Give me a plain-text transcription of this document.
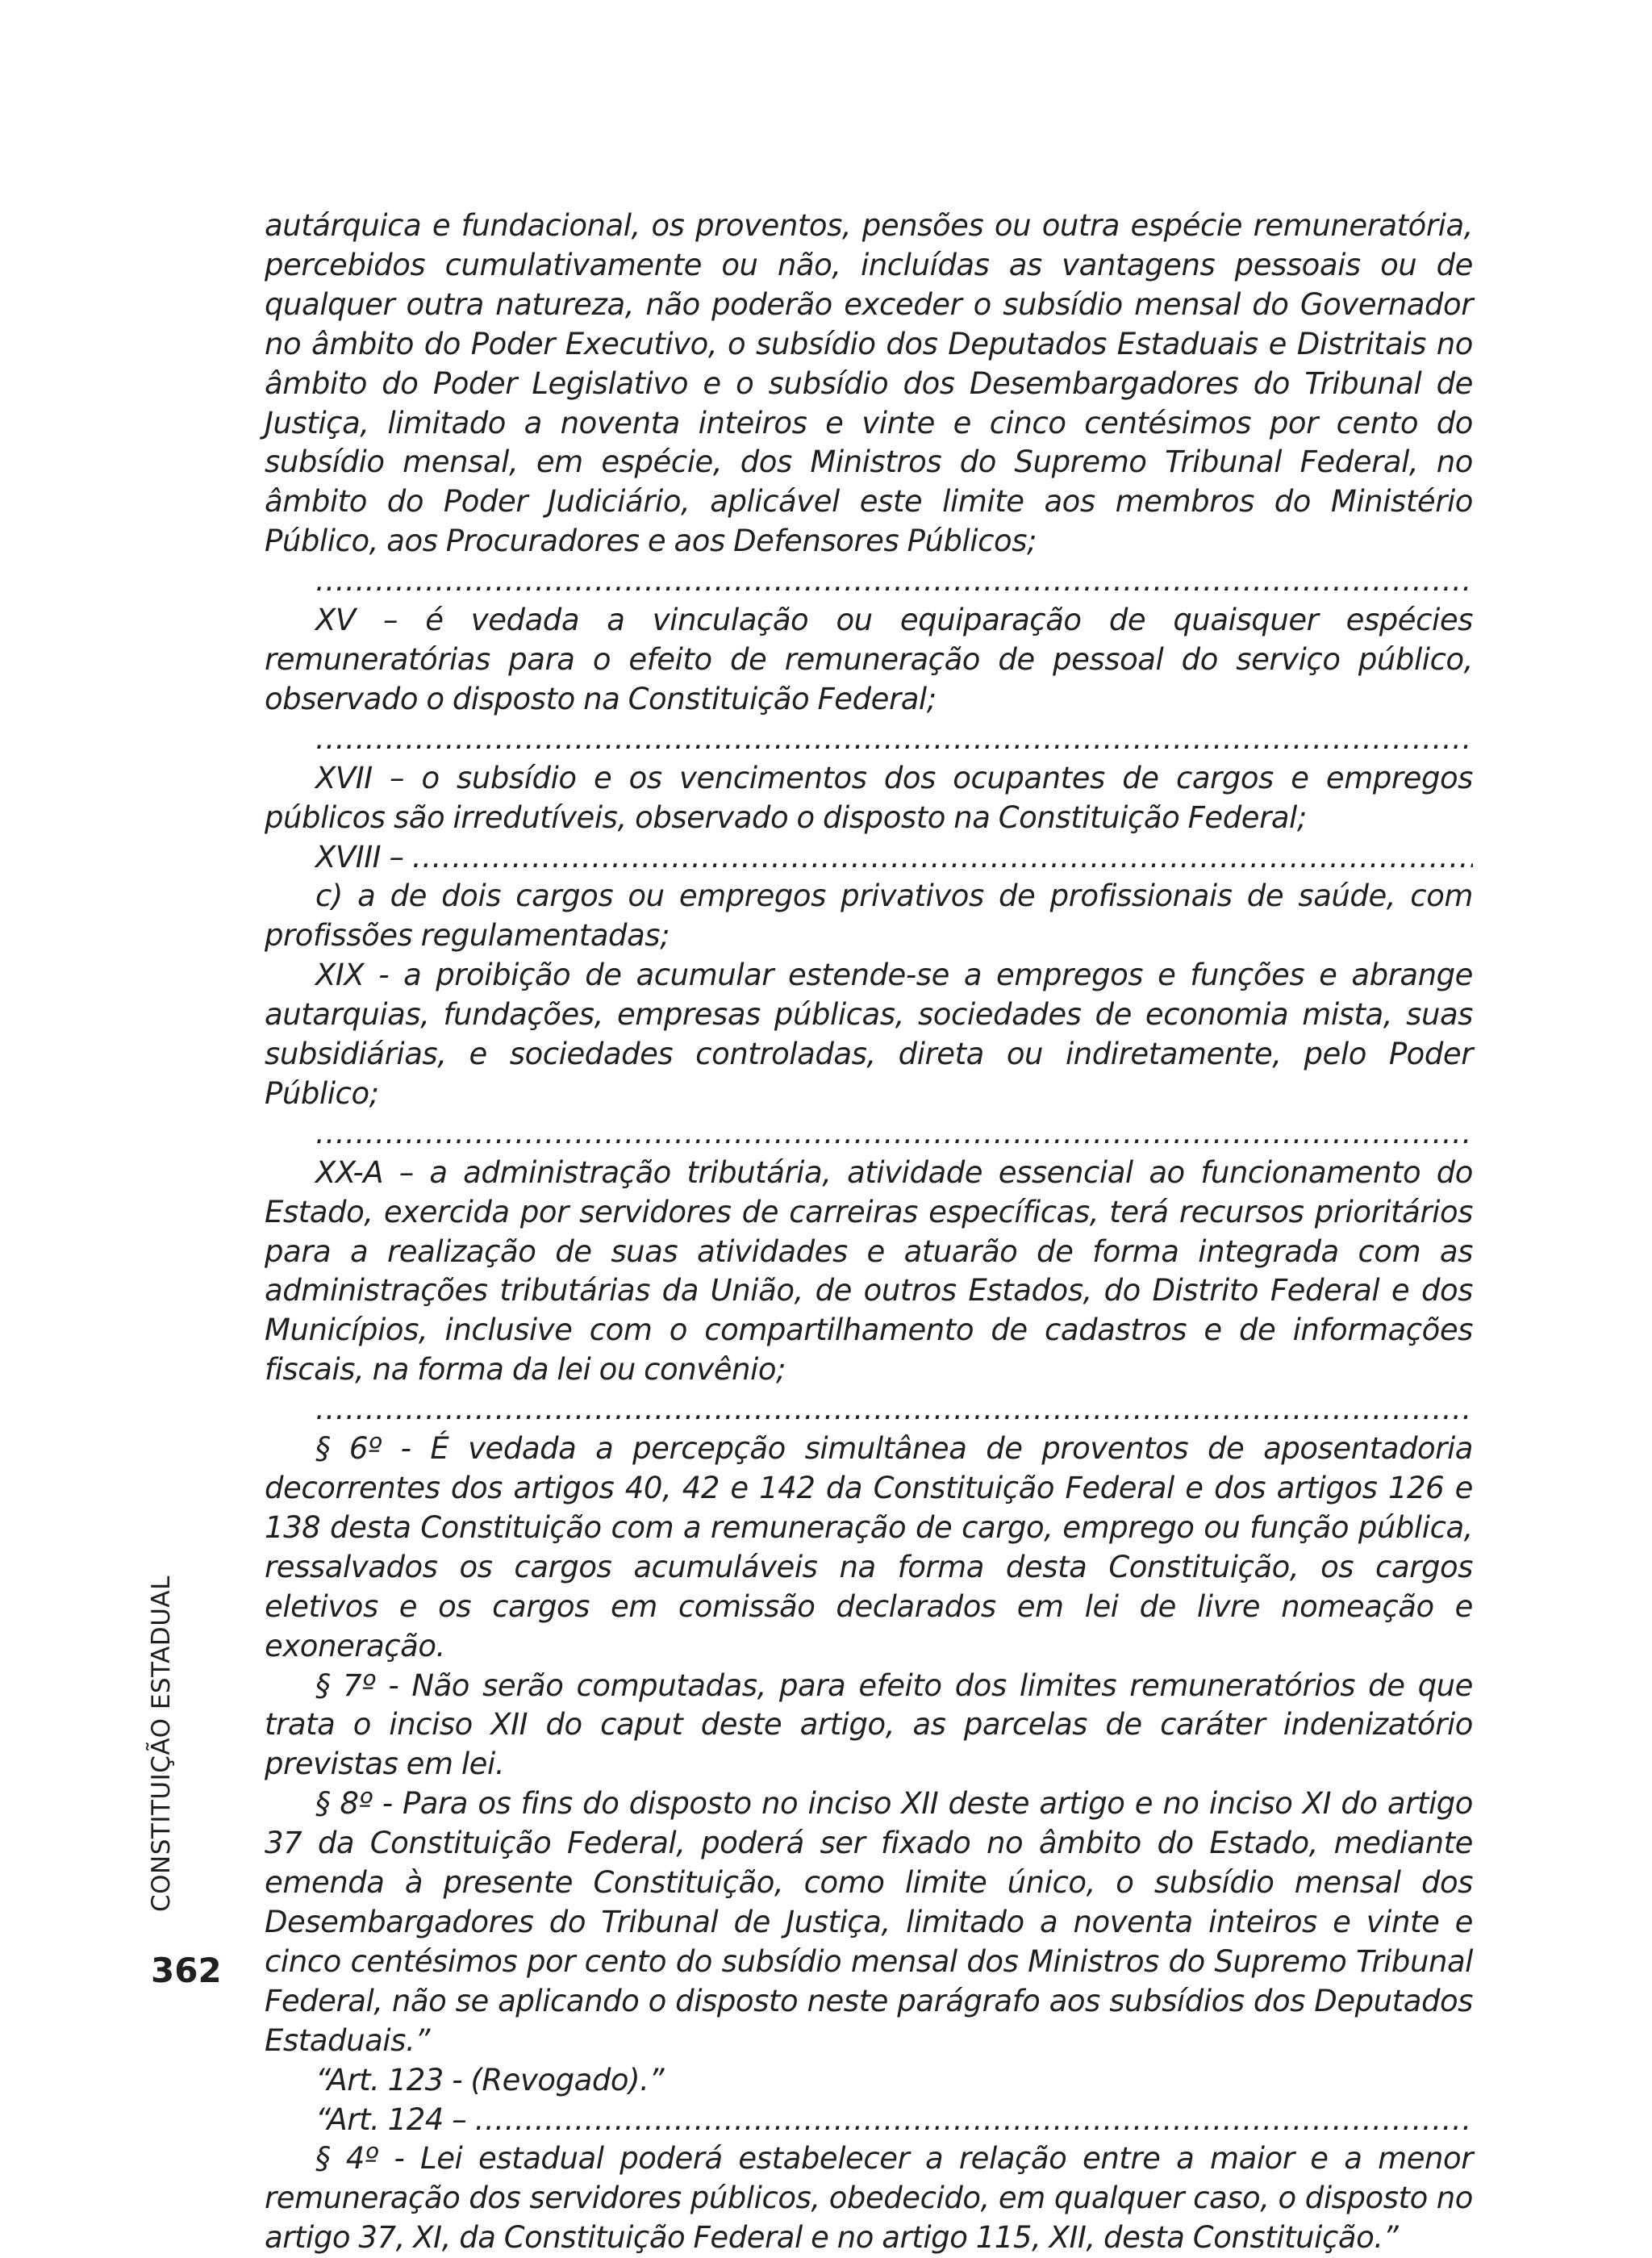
autárquica e fundacional, os proventos, pensões ou outra espécie remuneratória, percebidos cumulativamente ou não, incluídas as vantagens pessoais ou de qualquer outra natureza, não poderão exceder o subsídio mensal do Governador no âmbito do Poder Executivo, o subsídio dos Deputados Estaduais e Distritais no âmbito do Poder Legislativo e o subsídio dos Desembargadores do Tribunal de Justiça, limitado a noventa inteiros e vinte e cinco centésimos por cento do subsídio mensal, em espécie, dos Ministros do Supremo Tribunal Federal, no âmbito do Poder Judiciário, aplicável este limite aos membros do Ministério Público, aos Procuradores e aos Defensores Públicos;

.....

XV – é vedada a vinculação ou equiparação de quaisquer espécies remuneratórias para o efeito de remuneração de pessoal do serviço público, observado o disposto na Constituição Federal;

.....

XVII – o subsídio e os vencimentos dos ocupantes de cargos e empregos públicos são irredutíveis, observado o disposto na Constituição Federal;

XVIII – .....

c) a de dois cargos ou empregos privativos de profissionais de saúde, com profissões regulamentadas;

XIX - a proibição de acumular estende-se a empregos e funções e abrange autarquias, fundações, empresas públicas, sociedades de economia mista, suas subsidiárias, e sociedades controladas, direta ou indiretamente, pelo Poder Público;

.....

XX-A – a administração tributária, atividade essencial ao funcionamento do Estado, exercida por servidores de carreiras específicas, terá recursos prioritários para a realização de suas atividades e atuarão de forma integrada com as administrações tributárias da União, de outros Estados, do Distrito Federal e dos Municípios, inclusive com o compartilhamento de cadastros e de informações fiscais, na forma da lei ou convênio;

.....

§ 6º - É vedada a percepção simultânea de proventos de aposentadoria decorrentes dos artigos 40, 42 e 142 da Constituição Federal e dos artigos 126 e 138 desta Constituição com a remuneração de cargo, emprego ou função pública, ressalvados os cargos acumuláveis na forma desta Constituição, os cargos eletivos e os cargos em comissão declarados em lei de livre nomeação e exoneração.

§ 7º - Não serão computadas, para efeito dos limites remuneratórios de que trata o inciso XII do caput deste artigo, as parcelas de caráter indenizatório previstas em lei.

§ 8º - Para os fins do disposto no inciso XII deste artigo e no inciso XI do artigo 37 da Constituição Federal, poderá ser fixado no âmbito do Estado, mediante emenda à presente Constituição, como limite único, o subsídio mensal dos Desembargadores do Tribunal de Justiça, limitado a noventa inteiros e vinte e cinco centésimos por cento do subsídio mensal dos Ministros do Supremo Tribunal Federal, não se aplicando o disposto neste parágrafo aos subsídios dos Deputados Estaduais.”

“Art. 123 - (Revogado).”

“Art. 124 – .....

§ 4º - Lei estadual poderá estabelecer a relação entre a maior e a menor remuneração dos servidores públicos, obedecido, em qualquer caso, o disposto no artigo 37, XI, da Constituição Federal e no artigo 115, XII, desta Constituição.”

CONSTITUIÇÃO ESTADUAL
362
